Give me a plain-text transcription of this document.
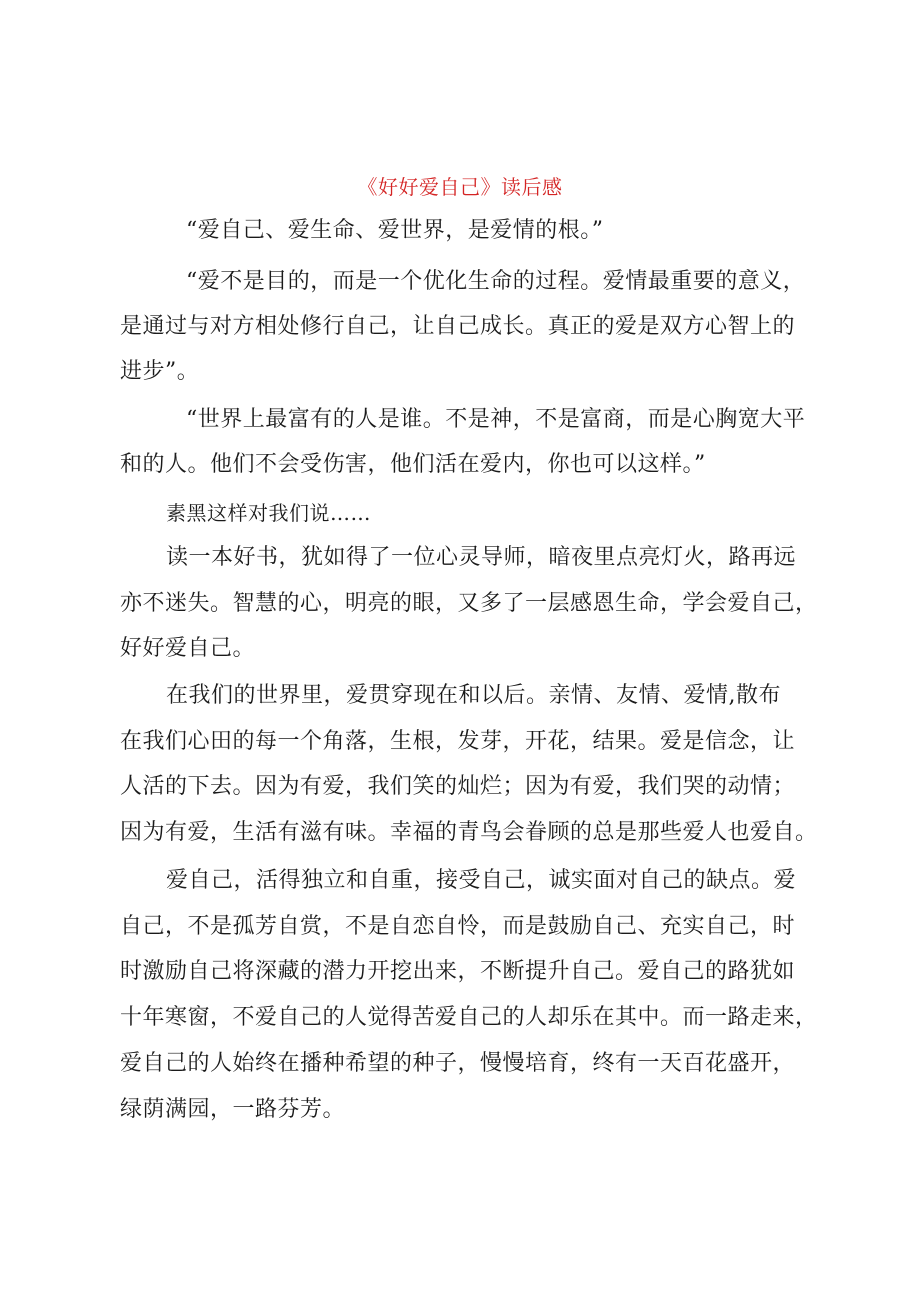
《好好爱自己》读后感
“爱自己、爱生命、爱世界，是爱情的根。”
“爱不是目的，而是一个优化生命的过程。爱情最重要的意义，
是通过与对方相处修行自己，让自己成长。真正的爱是双方心智上的
进步”。
“世界上最富有的人是谁。不是神，不是富商，而是心胸宽大平
和的人。他们不会受伤害，他们活在爱内，你也可以这样。”
素黑这样对我们说……
读一本好书，犹如得了一位心灵导师，暗夜里点亮灯火，路再远
亦不迷失。智慧的心，明亮的眼，又多了一层感恩生命，学会爱自己，
好好爱自己。
在我们的世界里，爱贯穿现在和以后。亲情、友情、爱情,散布
在我们心田的每一个角落，生根，发芽，开花，结果。爱是信念，让
人活的下去。因为有爱，我们笑的灿烂；因为有爱，我们哭的动情；
因为有爱，生活有滋有味。幸福的青鸟会眷顾的总是那些爱人也爱自。
爱自己，活得独立和自重，接受自己，诚实面对自己的缺点。爱
自己，不是孤芳自赏，不是自恋自怜，而是鼓励自己、充实自己，时
时激励自己将深藏的潜力开挖出来，不断提升自己。爱自己的路犹如
十年寒窗，不爱自己的人觉得苦爱自己的人却乐在其中。而一路走来，
爱自己的人始终在播种希望的种子，慢慢培育，终有一天百花盛开，
绿荫满园，一路芬芳。
